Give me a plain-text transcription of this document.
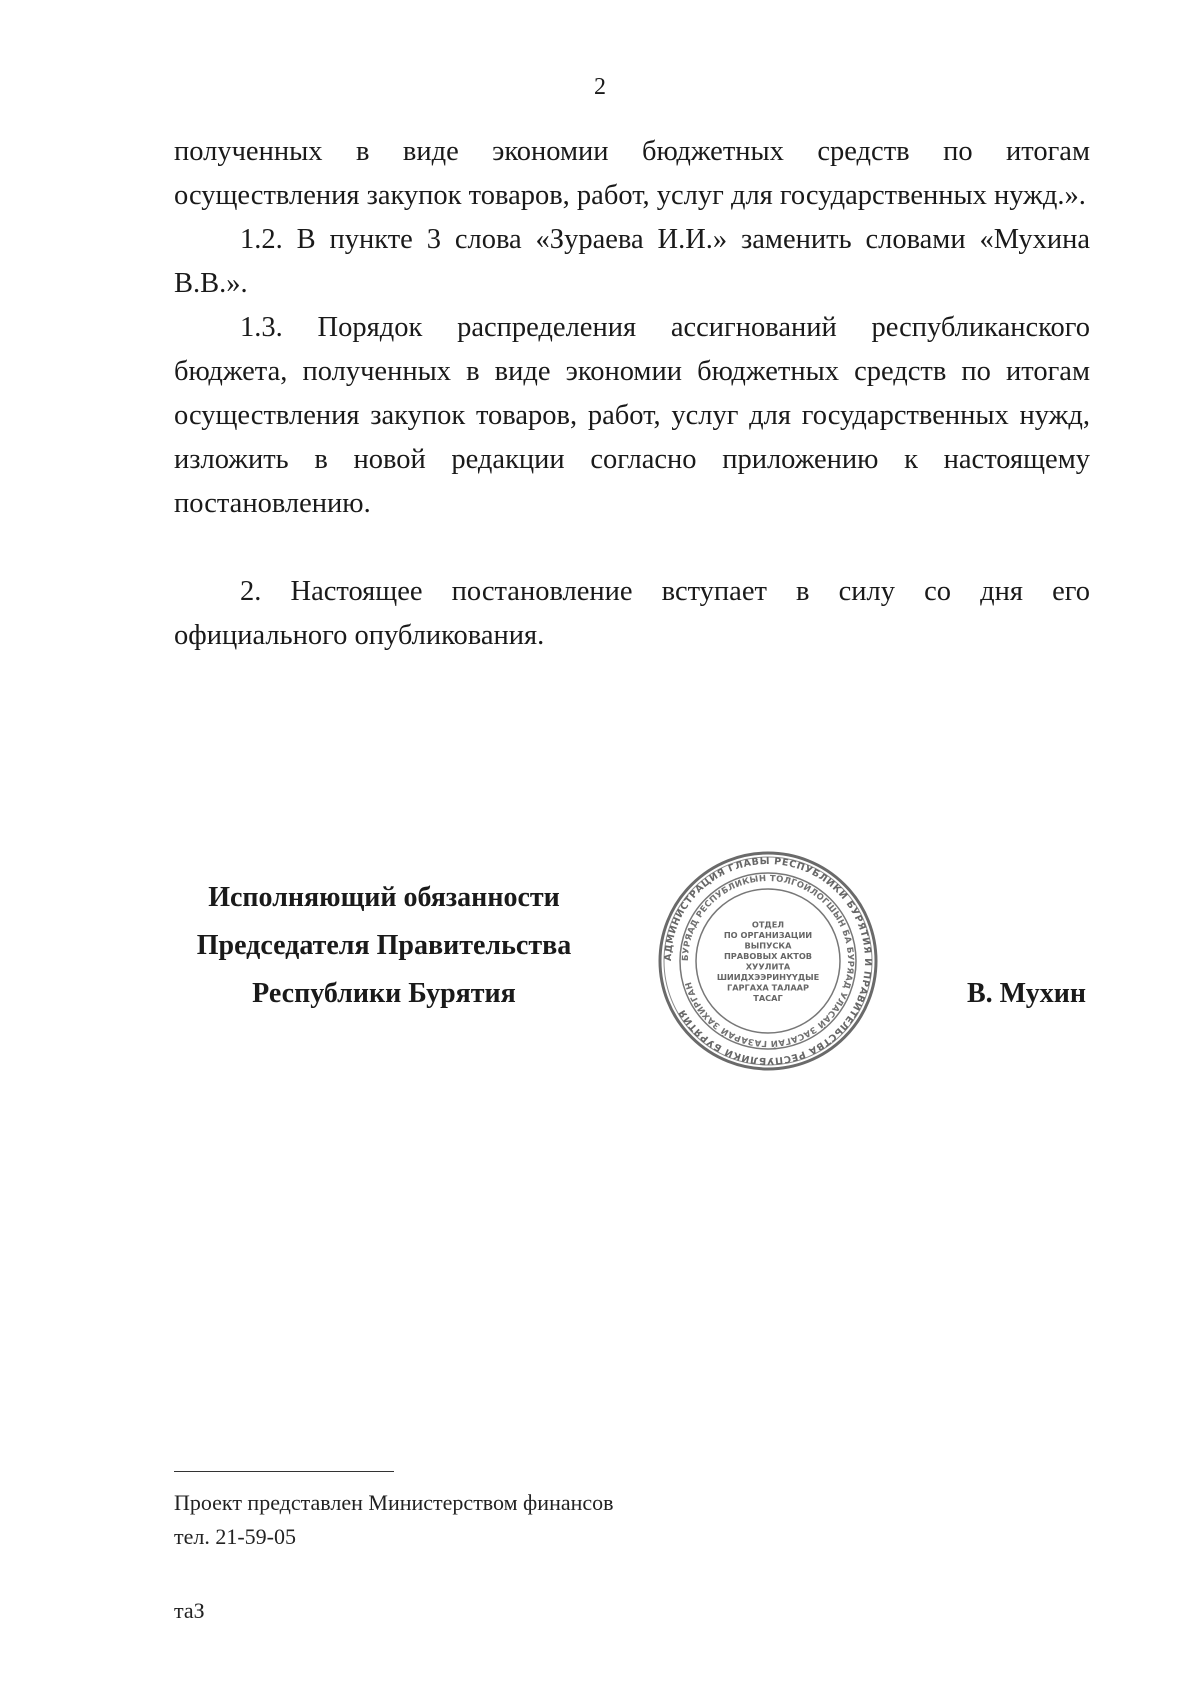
2

полученных в виде экономии бюджетных средств по итогам осуществления закупок товаров, работ, услуг для государственных нужд.».

1.2. В пункте 3 слова «Зураева И.И.» заменить словами «Мухина В.В.».

1.3. Порядок распределения ассигнований республиканского бюджета, полученных в виде экономии бюджетных средств по итогам осуществления закупок товаров, работ, услуг для государственных нужд, изложить в новой редакции согласно приложению к настоящему постановлению.

2. Настоящее постановление вступает в силу со дня его официального опубликования.

Исполняющий обязанности
Председателя Правительства
Республики Бурятия	В. Мухин
АДМИНИСТРАЦИЯ ГЛАВЫ РЕСПУБЛИКИ БУРЯТИЯ И ПРАВИТЕЛЬСТВА РЕСПУБЛИКИ БУРЯТИЯ
БУРЯАД РЕСПУБЛИКЫН ТОЛГОЙЛОГШЫН БА БУРЯАД УЛАСАЙ ЗАСАГАЙ ГАЗАРАЙ ЗАХИРГАН
ОТДЕЛ
ПО ОРГАНИЗАЦИИ
ВЫПУСКА
ПРАВОВЫХ АКТОВ
ХУУЛИТА
ШИИДХЭЭРИНҮҮДЫЕ
ГАРГАХА ТАЛААР
ТАСАГ
Проект представлен Министерством финансов
тел. 21-59-05
таЗ
